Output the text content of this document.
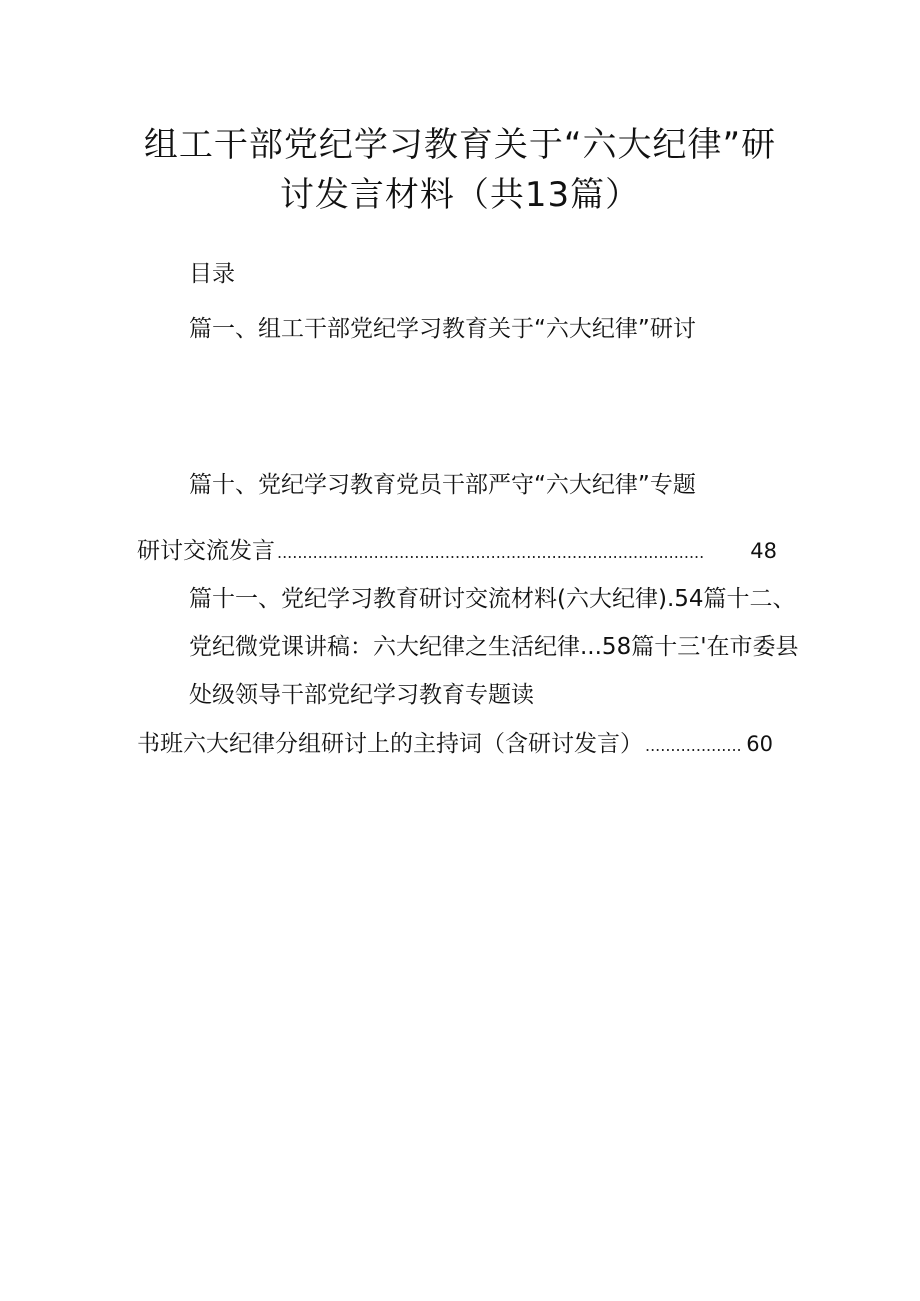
组工干部党纪学习教育关于“六大纪律”研
讨发言材料（共13篇）
目录
篇一、组工干部党纪学习教育关于“六大纪律”研讨
篇十、党纪学习教育党员干部严守“六大纪律”专题
研讨交流发言 ....................................................................................	48
篇十一、党纪学习教育研讨交流材料(六大纪律).54篇十二、
党纪微党课讲稿：六大纪律之生活纪律...58篇十三'在市委县
处级领导干部党纪学习教育专题读
书班六大纪律分组研讨上的主持词（含研讨发言） ................... 60
